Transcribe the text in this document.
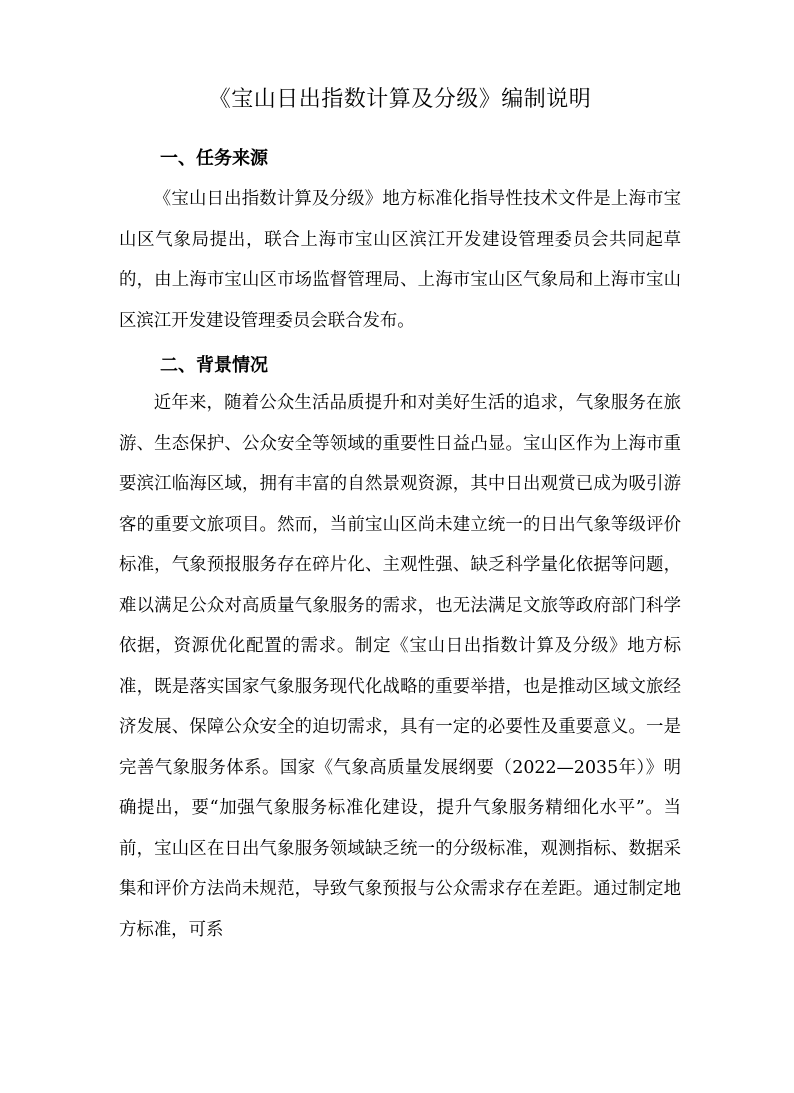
《宝山日出指数计算及分级》编制说明
一、任务来源

《宝山日出指数计算及分级》地方标准化指导性技术文件是上海市宝山区气象局提出，联合上海市宝山区滨江开发建设管理委员会共同起草的，由上海市宝山区市场监督管理局、上海市宝山区气象局和上海市宝山区滨江开发建设管理委员会联合发布。

二、背景情况

近年来，随着公众生活品质提升和对美好生活的追求，气象服务在旅游、生态保护、公众安全等领域的重要性日益凸显。宝山区作为上海市重要滨江临海区域，拥有丰富的自然景观资源，其中日出观赏已成为吸引游客的重要文旅项目。然而，当前宝山区尚未建立统一的日出气象等级评价标准，气象预报服务存在碎片化、主观性强、缺乏科学量化依据等问题，难以满足公众对高质量气象服务的需求，也无法满足文旅等政府部门科学依据，资源优化配置的需求。制定《宝山日出指数计算及分级》地方标准，既是落实国家气象服务现代化战略的重要举措，也是推动区域文旅经济发展、保障公众安全的迫切需求，具有一定的必要性及重要意义。一是完善气象服务体系。国家《气象高质量发展纲要（2022—2035年）》明确提出，要“加强气象服务标准化建设，提升气象服务精细化水平”。当前，宝山区在日出气象服务领域缺乏统一的分级标准，观测指标、数据采集和评价方法尚未规范，导致气象预报与公众需求存在差距。通过制定地方标准，可系
